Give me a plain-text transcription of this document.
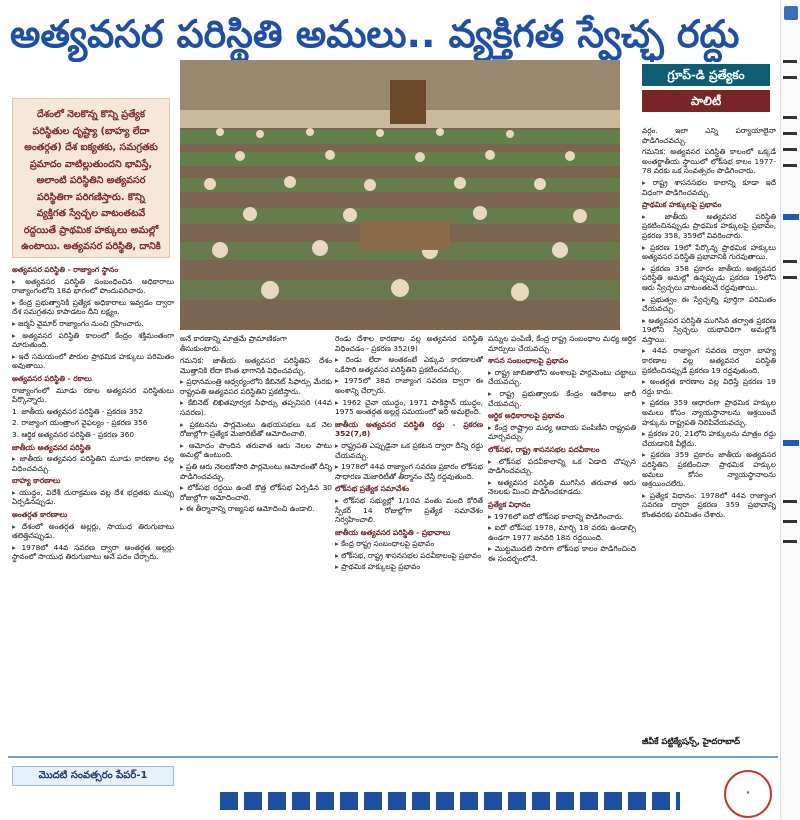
అత్యవసర పరిస్థితి అమలు.. వ్యక్తిగత స్వేచ్ఛ రద్దు
దేశంలో నెలకొన్న కొన్ని ప్రత్యేక పరిస్థితుల దృష్ట్యా (బాహ్య లేదా అంతర్గత) దేశ ఐక్యతకు, సమగ్రతకు ప్రమాదం వాటిల్లుతుందని భావిస్తే, అలాంటి పరిస్థితిని అత్యవసర పరిస్థితిగా పరిగణిస్తారు. కొన్ని వ్యక్తిగత స్వేచ్ఛల వాటంతటవే రద్దయితే ప్రాథమిక హక్కులు అమల్లో ఉంటాయి. అత్యవసర పరిస్థితి, దానికి
అనే కారణాన్ని మాత్రమే ప్రామాణికంగా తీసుకుంటారు.

అత్యవసర పరిస్థితి - రాజ్యాంగ స్థానం

▸ అత్యవసర పరిస్థితి సంబంధించిన అధికారాలు రాజ్యాంగంలోని 18వ భాగంలో పొందుపరిచారు.

▸ కేంద్ర ప్రభుత్వానికి ప్రత్యేక అధికారాలు ఇవ్వడం ద్వారా దేశ సమగ్రతను కాపాడటం దీని లక్ష్యం.

▸ జర్మనీ వైమార్ రాజ్యాంగం నుంచి గ్రహించారు.

▸ అత్యవసర పరిస్థితి కాలంలో కేంద్రం శక్తిమంతంగా మారుతుంది.

▸ ఇదే సమయంలో పౌరుల ప్రాథమిక హక్కులు పరిమితం అవుతాయి.

అత్యవసర పరిస్థితి - రకాలు

రాజ్యాంగంలో మూడు రకాల అత్యవసర పరిస్థితులు పేర్కొన్నారు.

1. జాతీయ అత్యవసర పరిస్థితి - ప్రకరణ 352

2. రాజ్యాంగ యంత్రాంగ వైఫల్యం - ప్రకరణ 356

3. ఆర్థిక అత్యవసర పరిస్థితి - ప్రకరణ 360

జాతీయ అత్యవసర పరిస్థితి

▸ జాతీయ అత్యవసర పరిస్థితిని మూడు కారణాల వల్ల విధించవచ్చు.

బాహ్య కారణాలు

▸ యుద్ధం, విదేశీ దురాక్రమణ వల్ల దేశ భద్రతకు ముప్పు ఏర్పడినప్పుడు.

అంతర్గత కారణాలు

▸ దేశంలో అంతర్గత అల్లర్లు, సాయుధ తిరుగుబాటు తలెత్తినప్పుడు.

▸ 1978లో 44వ సవరణ ద్వారా అంతర్గత అల్లర్లు స్థానంలో సాయుధ తిరుగుబాటు అనే పదం చేర్చారు.

గమనిక: జాతీయ అత్యవసర పరిస్థితిని దేశం మొత్తానికి లేదా కొంత భాగానికి విధించవచ్చు.

▸ ప్రధానమంత్రి ఆధ్వర్యంలోని కేబినెట్ సిఫార్సు మేరకు రాష్ట్రపతి అత్యవసర పరిస్థితిని ప్రకటిస్తారు.

▸ కేబినెట్ లిఖితపూర్వక సిఫార్సు తప్పనిసరి (44వ సవరణ).

▸ ప్రకటనను పార్లమెంటు ఉభయసభలు ఒక నెల రోజుల్లోగా ప్రత్యేక మెజారిటీతో ఆమోదించాలి.

▸ ఆమోదం పొందిన తరువాత ఆరు నెలల పాటు అమల్లో ఉంటుంది.

▸ ప్రతి ఆరు నెలలకోసారి పార్లమెంటు ఆమోదంతో దీన్ని పొడిగించవచ్చు.

▸ లోక్‌సభ రద్దయి ఉంటే కొత్త లోక్‌సభ ఏర్పడిన 30 రోజుల్లోగా ఆమోదించాలి.

▸ ఈ తీర్మానాన్ని రాజ్యసభ ఆమోదించి ఉండాలి.

రెండు దేశాల కారణాల వల్ల అత్యవసర పరిస్థితి విధించడం - ప్రకరణ 352(9)

▸ రెండు లేదా అంతకంటే ఎక్కువ కారణాలతో ఒకేసారి అత్యవసర పరిస్థితిని ప్రకటించవచ్చు.

▸ 1975లో 38వ రాజ్యాంగ సవరణ ద్వారా ఈ అంశాన్ని చేర్చారు.

▸ 1962 చైనా యుద్ధం, 1971 పాకిస్థాన్ యుద్ధం, 1975 అంతర్గత అల్లర్ల సమయంలో ఇది అమలైంది.

జాతీయ అత్యవసర పరిస్థితి రద్దు - ప్రకరణ 352(7,8)

▸ రాష్ట్రపతి ఎప్పుడైనా ఒక ప్రకటన ద్వారా దీన్ని రద్దు చేయవచ్చు.

▸ 1978లో 44వ రాజ్యాంగ సవరణ ప్రకారం లోక్‌సభ సాధారణ మెజారిటీతో తీర్మానం చేస్తే రద్దవుతుంది.

లోక్‌సభ ప్రత్యేక సమావేశం

▸ లోక్‌సభ సభ్యుల్లో 1/10వ వంతు మంది కోరితే స్పీకర్ 14 రోజుల్లోగా ప్రత్యేక సమావేశం నిర్వహించాలి.

జాతీయ అత్యవసర పరిస్థితి - ప్రభావాలు

▸ కేంద్ర రాష్ట్ర సంబంధాలపై ప్రభావం

▸ లోక్‌సభ, రాష్ట్ర శాసనసభల పదవీకాలంపై ప్రభావం

▸ ప్రాథమిక హక్కులపై ప్రభావం

పన్నుల పంపిణీ, కేంద్ర రాష్ట్ర సంబంధాల మధ్య ఆర్థిక మార్పులు చేయవచ్చు.

శాసన సంబంధాలపై ప్రభావం

▸ రాష్ట్ర జాబితాలోని అంశాలపై పార్లమెంటు చట్టాలు చేయవచ్చు.

▸ రాష్ట్ర ప్రభుత్వాలకు కేంద్రం ఆదేశాలు జారీ చేయవచ్చు.

ఆర్థిక అధికారాలపై ప్రభావం

▸ కేంద్ర రాష్ట్రాల మధ్య ఆదాయ పంపిణీని రాష్ట్రపతి మార్చవచ్చు.

లోక్‌సభ, రాష్ట్ర శాసనసభల పదవీకాలం

▸ లోక్‌సభ పదవీకాలాన్ని ఒక ఏడాది చొప్పున పొడిగించవచ్చు.

▸ అత్యవసర పరిస్థితి ముగిసిన తరువాత ఆరు నెలలకు మించి పొడిగించకూడదు.

ప్రత్యేక విధానం

▸ 1976లో ఐదో లోక్‌సభ కాలాన్ని పొడిగించారు.

▸ ఐదో లోక్‌సభ 1978, మార్చి 18 వరకు ఉండాల్సి ఉండగా 1977 జనవరి 18న రద్దయింది.

▸ మొట్టమొదటి సారిగా లోక్‌సభ కాలం పొడిగించింది ఈ సందర్భంలోనే.

గ్రూప్‌-డి ప్రత్యేకం
పాలిటీ

వర్గం. ఇలా ఎన్ని పర్యాయాలైనా పొడిగించవచ్చు.

గమనిక: అత్యవసర పరిస్థితి కాలంలో ఒక్కడే అంతర్జాతీయ స్థాయిలో లోక్‌సభ కాలం 1977-78 వరకు ఒక సంవత్సరం పొడిగించారు.

▸ రాష్ట్ర శాసనసభల కాలాన్ని కూడా ఇదే విధంగా పొడిగించవచ్చు.

ప్రాథమిక హక్కులపై ప్రభావం

▸ జాతీయ అత్యవసర పరిస్థితి ప్రకటించినప్పుడు ప్రాథమిక హక్కులపై ప్రభావం, ప్రకరణ 358, 359లో వివరించారు.

▸ ప్రకరణ 19లో పేర్కొన్న ప్రాథమిక హక్కులు అత్యవసర పరిస్థితి ప్రభావానికి గురవుతాయి.

▸ ప్రకరణ 358 ప్రకారం జాతీయ అత్యవసర పరిస్థితి అమల్లో ఉన్నప్పుడు ప్రకరణ 19లోని ఆరు స్వేచ్ఛలు వాటంతటవే రద్దవుతాయి.

▸ ప్రభుత్వం ఈ స్వేచ్ఛల్ని పూర్తిగా పరిమితం చేయవచ్చు.

▸ అత్యవసర పరిస్థితి ముగిసిన తర్వాత ప్రకరణ 19లోని స్వేచ్ఛలు యథావిధిగా అమల్లోకి వస్తాయి.

▸ 44వ రాజ్యాంగ సవరణ ద్వారా బాహ్య కారణాల వల్ల అత్యవసర పరిస్థితి ప్రకటించినప్పుడే ప్రకరణ 19 రద్దవుతుంది.

▸ అంతర్గత కారణాల వల్ల విధిస్తే ప్రకరణ 19 రద్దు కాదు.

▸ ప్రకరణ 359 ఆధారంగా ప్రాథమిక హక్కుల అమలు కోసం న్యాయస్థానాలను ఆశ్రయించే హక్కును రాష్ట్రపతి నిలిపివేయవచ్చు.

▸ ప్రకరణ 20, 21లోని హక్కులను మాత్రం రద్దు చేయడానికి వీల్లేదు.

▸ ప్రకరణ 359 ప్రకారం జాతీయ అత్యవసర పరిస్థితిని ప్రకటించినా ప్రాథమిక హక్కుల అమలు కోసం న్యాయస్థానాలను ఆశ్రయించలేరు.

▸ ప్రత్యేక విధానం: 1978లో 44వ రాజ్యాంగ సవరణ ద్వారా ప్రకరణ 359 ప్రభావాన్ని కొంతవరకు పరిమితం చేశారు.

జీవీకే పట్టిక్యేషన్స్, హైదరాబాద్
మొదటి సంవత్సరం పేపర్-1
★
